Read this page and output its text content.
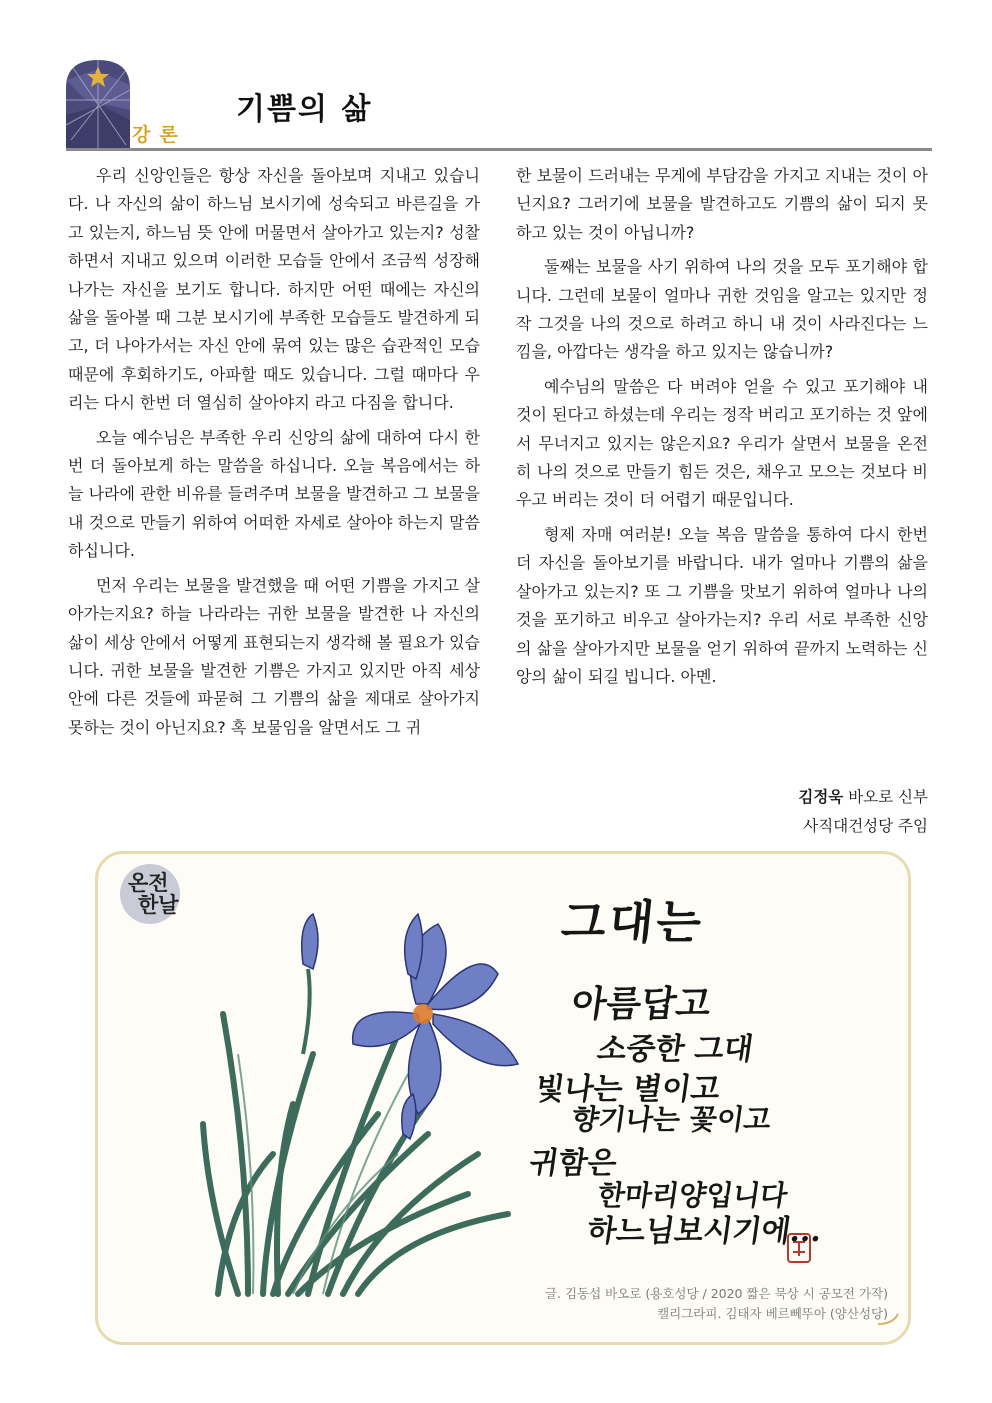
강론
기쁨의 삶

우리 신앙인들은 항상 자신을 돌아보며 지내고 있습니다. 나 자신의 삶이 하느님 보시기에 성숙되고 바른길을 가고 있는지, 하느님 뜻 안에 머물면서 살아가고 있는지? 성찰하면서 지내고 있으며 이러한 모습들 안에서 조금씩 성장해 나가는 자신을 보기도 합니다. 하지만 어떤 때에는 자신의 삶을 돌아볼 때 그분 보시기에 부족한 모습들도 발견하게 되고, 더 나아가서는 자신 안에 묶여 있는 많은 습관적인 모습 때문에 후회하기도, 아파할 때도 있습니다. 그럴 때마다 우리는 다시 한번 더 열심히 살아야지 라고 다짐을 합니다.

오늘 예수님은 부족한 우리 신앙의 삶에 대하여 다시 한번 더 돌아보게 하는 말씀을 하십니다. 오늘 복음에서는 하늘 나라에 관한 비유를 들려주며 보물을 발견하고 그 보물을 내 것으로 만들기 위하여 어떠한 자세로 살아야 하는지 말씀하십니다.

먼저 우리는 보물을 발견했을 때 어떤 기쁨을 가지고 살아가는지요? 하늘 나라라는 귀한 보물을 발견한 나 자신의 삶이 세상 안에서 어떻게 표현되는지 생각해 볼 필요가 있습니다. 귀한 보물을 발견한 기쁨은 가지고 있지만 아직 세상 안에 다른 것들에 파묻혀 그 기쁨의 삶을 제대로 살아가지 못하는 것이 아닌지요? 혹 보물임을 알면서도 그 귀

한 보물이 드러내는 무게에 부담감을 가지고 지내는 것이 아닌지요? 그러기에 보물을 발견하고도 기쁨의 삶이 되지 못하고 있는 것이 아닙니까?

둘째는 보물을 사기 위하여 나의 것을 모두 포기해야 합니다. 그런데 보물이 얼마나 귀한 것임을 알고는 있지만 정작 그것을 나의 것으로 하려고 하니 내 것이 사라진다는 느낌을, 아깝다는 생각을 하고 있지는 않습니까?

예수님의 말씀은 다 버려야 얻을 수 있고 포기해야 내 것이 된다고 하셨는데 우리는 정작 버리고 포기하는 것 앞에서 무너지고 있지는 않은지요? 우리가 살면서 보물을 온전히 나의 것으로 만들기 힘든 것은, 채우고 모으는 것보다 비우고 버리는 것이 더 어렵기 때문입니다.

형제 자매 여러분! 오늘 복음 말씀을 통하여 다시 한번 더 자신을 돌아보기를 바랍니다. 내가 얼마나 기쁨의 삶을 살아가고 있는지? 또 그 기쁨을 맛보기 위하여 얼마나 나의 것을 포기하고 비우고 살아가는지? 우리 서로 부족한 신앙의 삶을 살아가지만 보물을 얻기 위하여 끝까지 노력하는 신앙의 삶이 되길 빕니다. 아멘.

김정욱 바오로 신부
사직대건성당 주임
온전
한날	그대는
아름답고
소중한 그대
빛나는 별이고
향기나는 꽃이고
귀함은
한마리양입니다
하느님보시기에...
글. 김동섭 바오로 (용호성당 / 2020 짧은 묵상 시 공모전 가작)
캘리그라피. 김태자 베르뻬뚜아 (양산성당)
